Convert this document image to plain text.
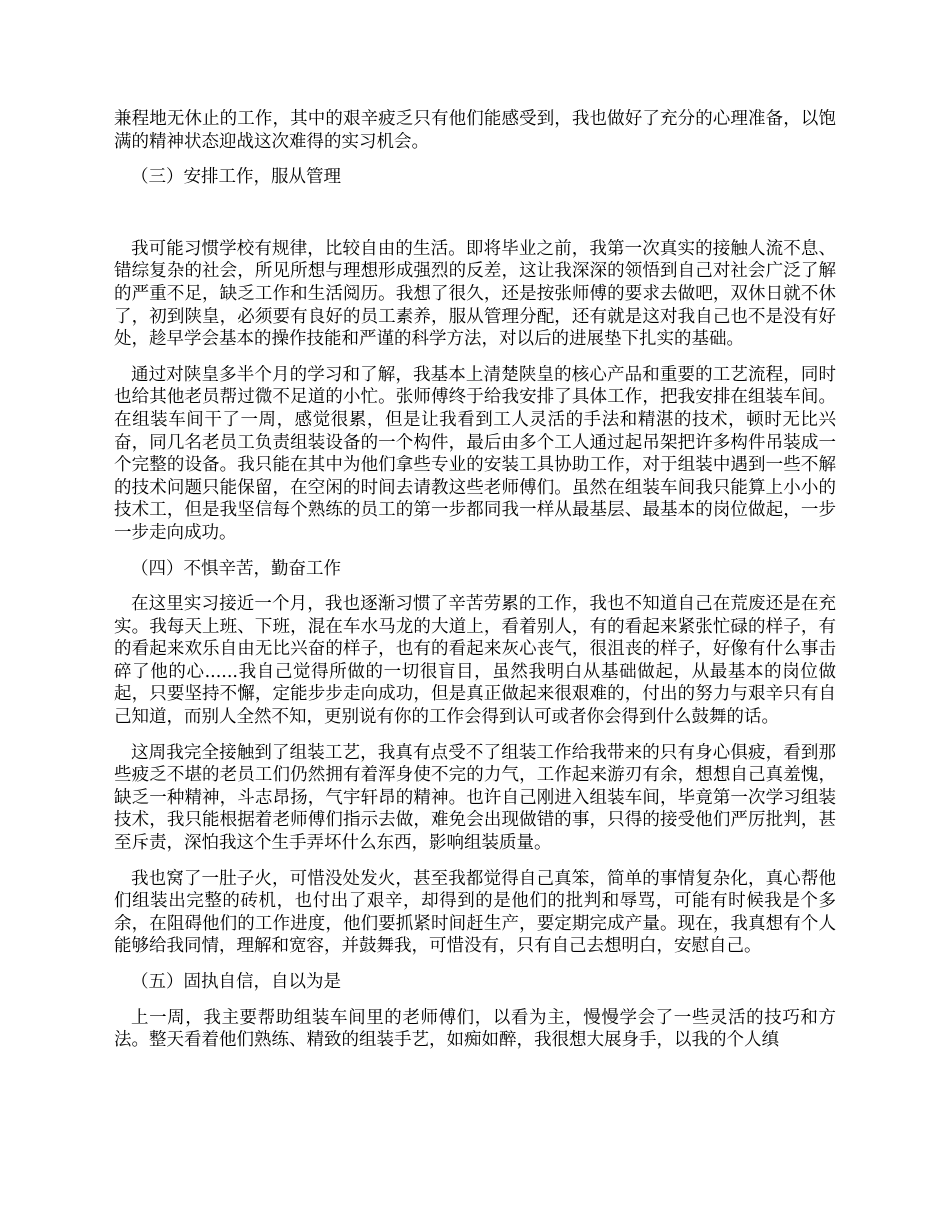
兼程地无休止的工作，其中的艰辛疲乏只有他们能感受到，我也做好了充分的心理准备，以饱满的精神状态迎战这次难得的实习机会。

（三）安排工作，服从管理

我可能习惯学校有规律，比较自由的生活。即将毕业之前，我第一次真实的接触人流不息、错综复杂的社会，所见所想与理想形成强烈的反差，这让我深深的领悟到自己对社会广泛了解的严重不足，缺乏工作和生活阅历。我想了很久，还是按张师傅的要求去做吧，双休日就不休了，初到陕皇，必须要有良好的员工素养，服从管理分配，还有就是这对我自己也不是没有好处，趁早学会基本的操作技能和严谨的科学方法，对以后的进展垫下扎实的基础。

通过对陕皇多半个月的学习和了解，我基本上清楚陕皇的核心产品和重要的工艺流程，同时也给其他老员帮过微不足道的小忙。张师傅终于给我安排了具体工作，把我安排在组装车间。在组装车间干了一周，感觉很累，但是让我看到工人灵活的手法和精湛的技术，顿时无比兴奋，同几名老员工负责组装设备的一个构件，最后由多个工人通过起吊架把许多构件吊装成一个完整的设备。我只能在其中为他们拿些专业的安装工具协助工作，对于组装中遇到一些不解的技术问题只能保留，在空闲的时间去请教这些老师傅们。虽然在组装车间我只能算上小小的技术工，但是我坚信每个熟练的员工的第一步都同我一样从最基层、最基本的岗位做起，一步一步走向成功。

（四）不惧辛苦，勤奋工作

在这里实习接近一个月，我也逐渐习惯了辛苦劳累的工作，我也不知道自己在荒废还是在充实。我每天上班、下班，混在车水马龙的大道上，看着别人，有的看起来紧张忙碌的样子，有的看起来欢乐自由无比兴奋的样子，也有的看起来灰心丧气，很沮丧的样子，好像有什么事击碎了他的心......我自己觉得所做的一切很盲目，虽然我明白从基础做起，从最基本的岗位做起，只要坚持不懈，定能步步走向成功，但是真正做起来很艰难的，付出的努力与艰辛只有自己知道，而别人全然不知，更别说有你的工作会得到认可或者你会得到什么鼓舞的话。

这周我完全接触到了组装工艺，我真有点受不了组装工作给我带来的只有身心俱疲，看到那些疲乏不堪的老员工们仍然拥有着浑身使不完的力气，工作起来游刃有余，想想自己真羞愧，缺乏一种精神，斗志昂扬，气宇轩昂的精神。也许自己刚进入组装车间，毕竟第一次学习组装技术，我只能根据着老师傅们指示去做，难免会出现做错的事，只得的接受他们严厉批判，甚至斥责，深怕我这个生手弄坏什么东西，影响组装质量。

我也窝了一肚子火，可惜没处发火，甚至我都觉得自己真笨，简单的事情复杂化，真心帮他们组装出完整的砖机，也付出了艰辛，却得到的是他们的批判和辱骂，可能有时候我是个多余，在阻碍他们的工作进度，他们要抓紧时间赶生产，要定期完成产量。现在，我真想有个人能够给我同情，理解和宽容，并鼓舞我，可惜没有，只有自己去想明白，安慰自己。

（五）固执自信，自以为是

上一周，我主要帮助组装车间里的老师傅们，以看为主，慢慢学会了一些灵活的技巧和方法。整天看着他们熟练、精致的组装手艺，如痴如醉，我很想大展身手，以我的个人缜
